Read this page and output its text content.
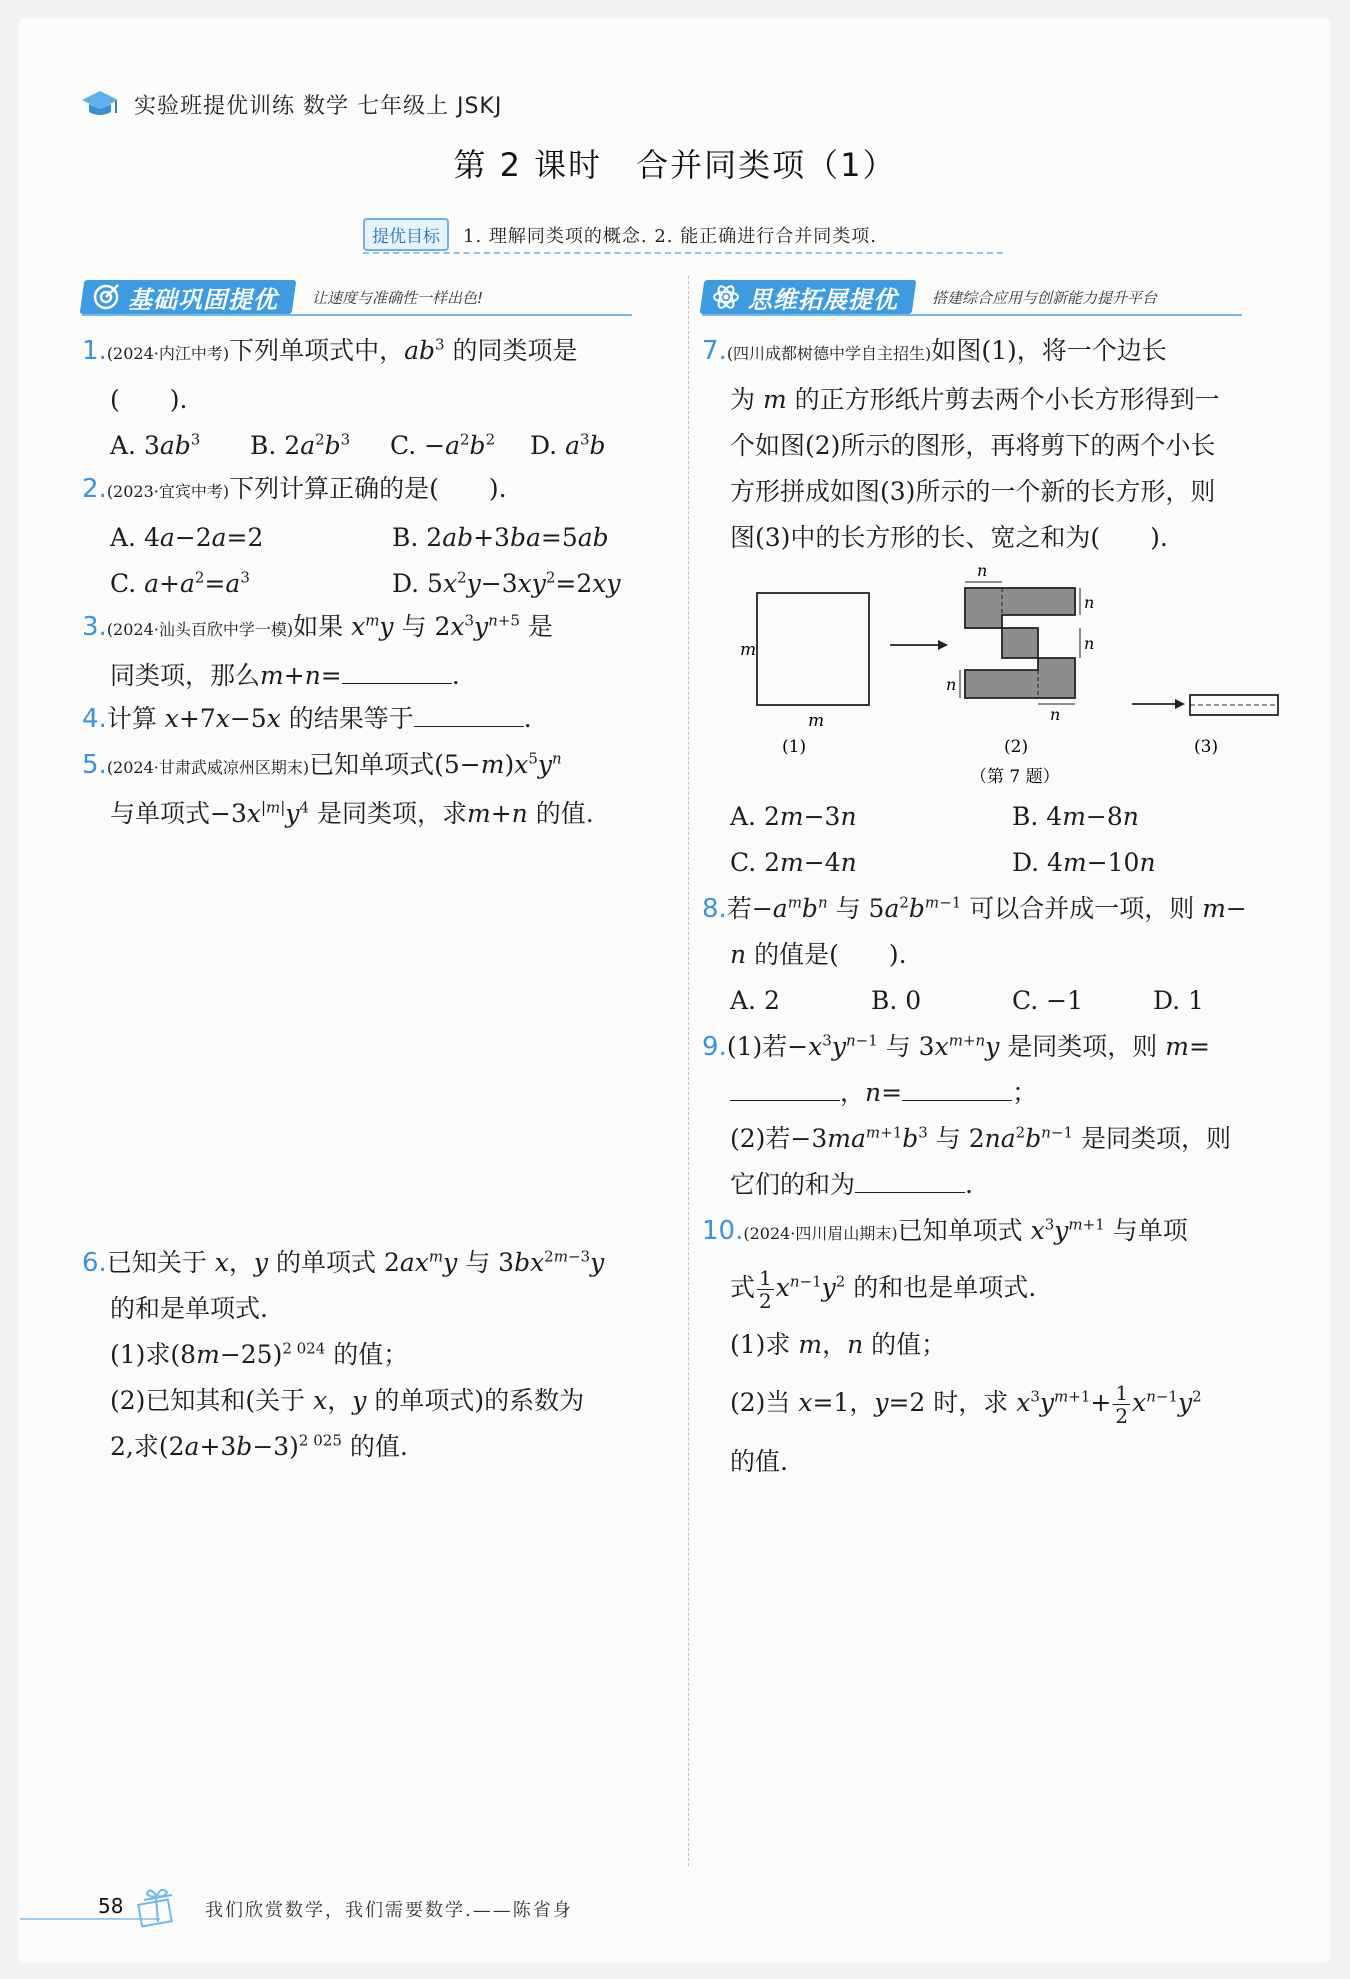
实验班提优训练 数学 七年级上 JSKJ
第 2 课时　合并同类项（1）
提优目标	1. 理解同类项的概念. 2. 能正确进行合并同类项.
基础巩固提优 让速度与准确性一样出色!	思维拓展提优 搭建综合应用与创新能力提升平台
1.(2024·内江中考)下列单项式中，$ab^3$ 的同类项是
(　　).
A. $3ab^3$	B. $2a^2b^3$	C. $-a^2b^2$	D. $a^3b$
2.(2023·宜宾中考)下列计算正确的是(　　).
A. 4a−2a=2	B. 2ab+3ba=5ab
C. $a+a^2=a^3$	D. $5x^2y-3xy^2=2xy$
3.(2024·汕头百欣中学一模)如果 $x^my$ 与 $2x^3y^{n+5}$ 是
同类项，那么m+n=	.
4.计算 x+7x−5x 的结果等于	.
5.(2024·甘肃武威凉州区期末)已知单项式$(5-m)x^5y^n$
与单项式$-3x^{|m|}y^4$ 是同类项，求m+n 的值.
6.已知关于 x，y 的单项式 $2ax^my$ 与 $3bx^{2m-3}y$
的和是单项式.
(1)求$(8m-25)^{2 024}$ 的值；
(2)已知其和(关于 x，y 的单项式)的系数为
2,求$(2a+3b-3)^{2 025}$ 的值.
7.(四川成都树德中学自主招生)如图(1)，将一个边长
为 m 的正方形纸片剪去两个小长方形得到一
个如图(2)所示的图形，再将剪下的两个小长
方形拼成如图(3)所示的一个新的长方形，则
图(3)中的长方形的长、宽之和为(　　).
m
m
(1)
n
n
n
n
n
(2)	(3)
（第 7 题）
A. 2m−3n	B. 4m−8n
C. 2m−4n	D. 4m−10n
8.若$-a^mb^n$ 与 $5a^2b^{m-1}$ 可以合并成一项，则 m−
n 的值是(　　).
A. 2	B. 0	C. −1	D. 1
9.(1)若$-x^3y^{n-1}$ 与 $3x^{m+n}y$ 是同类项，则 m=
，n=	；
(2)若$-3ma^{m+1}b^3$ 与 $2na^2b^{n-1}$ 是同类项，则
它们的和为	.
10.(2024·四川眉山期末)已知单项式 $x^3y^{m+1}$ 与单项
式 $\frac{1}{2} x^{n-1}y^2$ 的和也是单项式.
(1)求 m，n 的值；
(2)当 x=1，y=2 时，求 $x^3y^{m+1}+ \frac{1}{2} x^{n-1}y^2$
的值.
58	我们欣赏数学，我们需要数学.——陈省身
